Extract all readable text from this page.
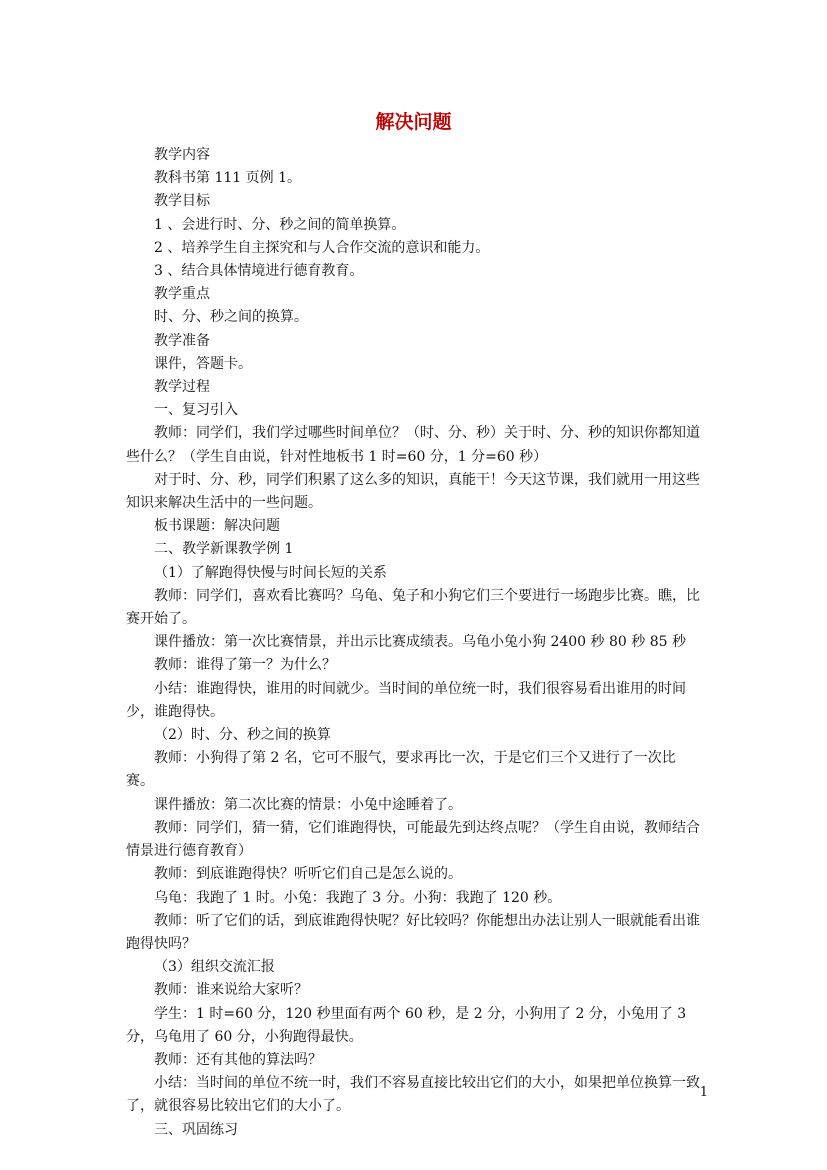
解决问题

教学内容

教科书第 111 页例 1。

教学目标

1 、会进行时、分、秒之间的简单换算。

2 、培养学生自主探究和与人合作交流的意识和能力。

3 、结合具体情境进行德育教育。

教学重点

时、分、秒之间的换算。

教学准备

课件，答题卡。

教学过程

一、复习引入

教师：同学们，我们学过哪些时间单位？（时、分、秒）关于时、分、秒的知识你都知道些什么？（学生自由说，针对性地板书 1 时=60 分，1 分=60 秒）

对于时、分、秒，同学们积累了这么多的知识，真能干！今天这节课，我们就用一用这些知识来解决生活中的一些问题。

板书课题：解决问题

二、教学新课教学例 1

（1）了解跑得快慢与时间长短的关系

教师：同学们，喜欢看比赛吗？乌龟、兔子和小狗它们三个要进行一场跑步比赛。瞧，比赛开始了。

课件播放：第一次比赛情景，并出示比赛成绩表。乌龟小兔小狗 2400 秒 80 秒 85 秒

教师：谁得了第一？为什么？

小结：谁跑得快，谁用的时间就少。当时间的单位统一时，我们很容易看出谁用的时间少，谁跑得快。

（2）时、分、秒之间的换算

教师：小狗得了第 2 名，它可不服气，要求再比一次，于是它们三个又进行了一次比赛。

课件播放：第二次比赛的情景：小兔中途睡着了。

教师：同学们，猜一猜，它们谁跑得快，可能最先到达终点呢？（学生自由说，教师结合情景进行德育教育）

教师：到底谁跑得快？听听它们自己是怎么说的。

乌龟：我跑了 1 时。小兔：我跑了 3 分。小狗：我跑了 120 秒。

教师：听了它们的话，到底谁跑得快呢？好比较吗？你能想出办法让别人一眼就能看出谁跑得快吗？

（3）组织交流汇报

教师：谁来说给大家听？

学生：1 时=60 分，120 秒里面有两个 60 秒，是 2 分，小狗用了 2 分，小兔用了 3 分，乌龟用了 60 分，小狗跑得最快。

教师：还有其他的算法吗？

小结：当时间的单位不统一时，我们不容易直接比较出它们的大小，如果把单位换算一致了，就很容易比较出它们的大小了。

三、巩固练习

1
